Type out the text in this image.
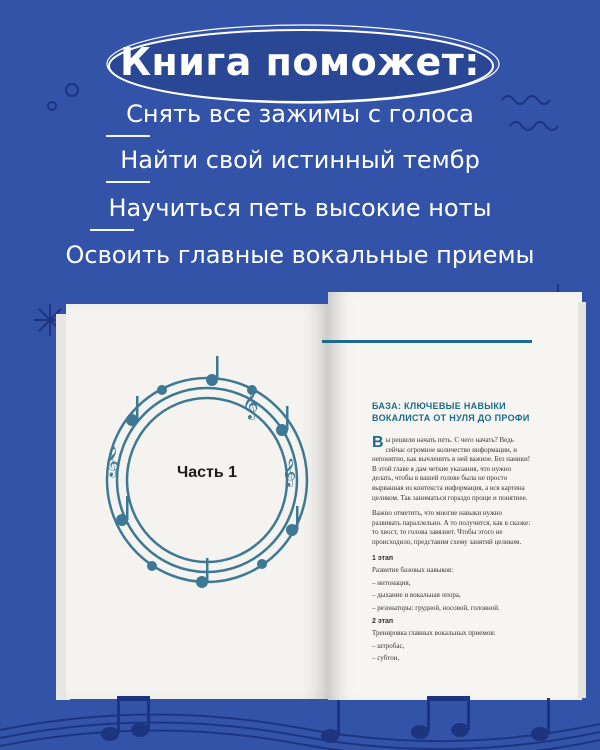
Книга поможет:
Снять все зажимы с голоса
Найти свой истинный тембр
Научиться петь высокие ноты
Освоить главные вокальные приемы
𝄞
𝄞	𝄞
Часть 1
БАЗА: КЛЮЧЕВЫЕ НАВЫКИ ВОКАЛИСТА ОТ НУЛЯ ДО ПРОФИ

Вы решили начать петь. С чего начать? Ведь сейчас огромное количество информации, и непонятно, как вычленить в ней важное. Без паники! В этой главе я дам четкие указания, что нужно делать, чтобы в вашей голове была не просто вырванная из контекста информация, а вся картина целиком. Так заниматься гораздо проще и понятнее.

Важно отметить, что многие навыки нужно развивать параллельно. А то получится, как в сказке: то хвост, то голова завязнет. Чтобы этого не происходило, представим схему занятий целиком.

1 этап

Развитие базовых навыков:

– интонация,

– дыхание и вокальная опора,

– резонаторы: грудной, носовой, головной.

2 этап

Тренировка главных вокальных приемов:

– штробас,

– субтон,
